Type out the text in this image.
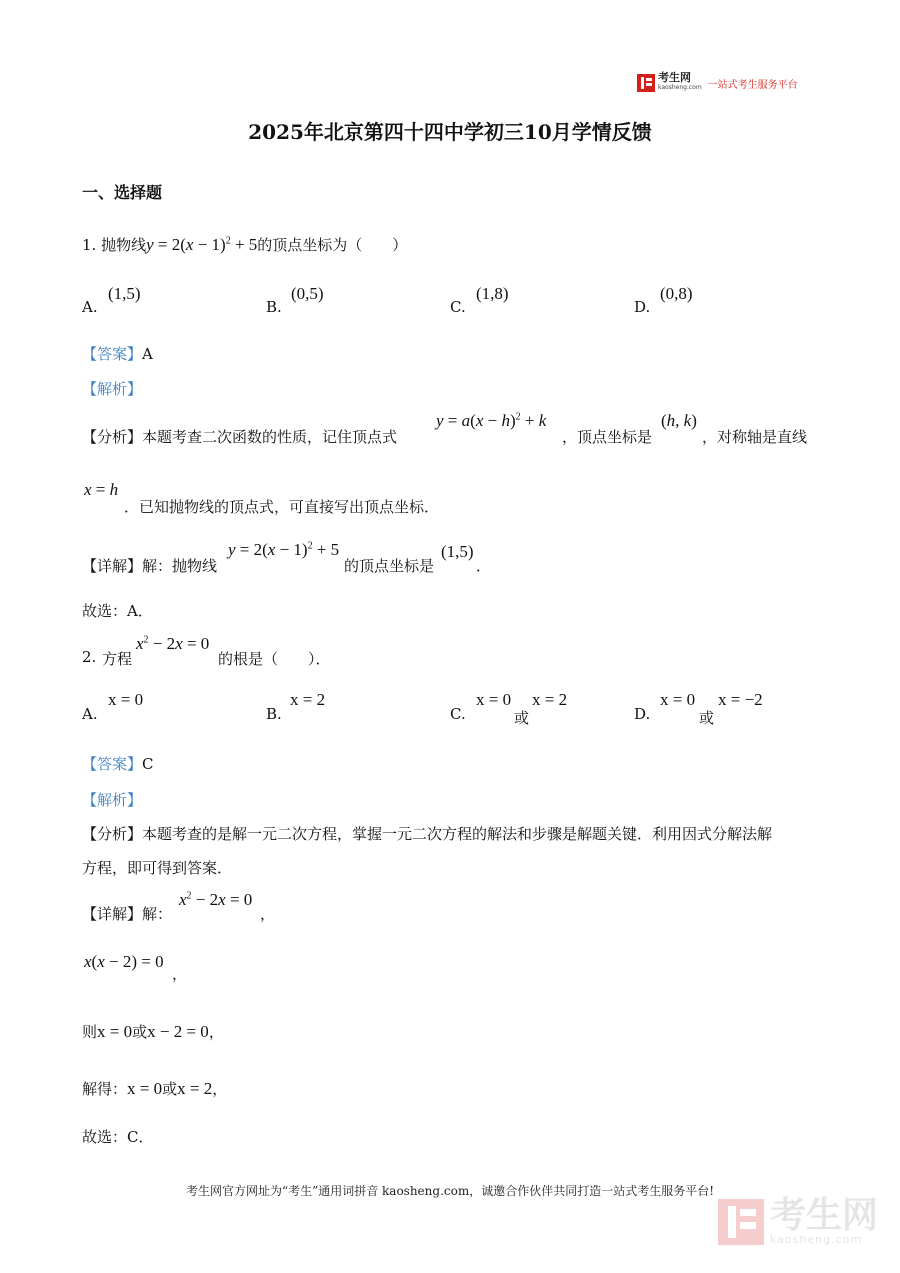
考生网
kaosheng.com 一站式考生服务平台
2025年北京第四十四中学初三10月学情反馈
一、选择题
1. 抛物线$y = 2(x - 1)^2 + 5$的顶点坐标为（　　）
A.
(1,5)
B.
(0,5)
C.
(1,8)
D.
(0,8)
【答案】A
【解析】
【分析】本题考查二次函数的性质，记住顶点式
$y = a(x - h)^2 + k$
，顶点坐标是
(h, k)
，对称轴是直线
x = h
．已知抛物线的顶点式，可直接写出顶点坐标．
【详解】解：抛物线
$y = 2(x - 1)^2 + 5$
的顶点坐标是
(1,5)
．
故选：A．
2. 方程
$x^2 - 2x = 0$
的根是（　　）．
A.
x = 0
B.
x = 2
C.
x = 0
或
x = 2
D.
x = 0
或
x = −2
【答案】C
【解析】
【分析】本题考查的是解一元二次方程，掌握一元二次方程的解法和步骤是解题关键．利用因式分解法解
方程，即可得到答案．
【详解】解：
$x^2 - 2x = 0$
，
x(x − 2) = 0
，
则x = 0或x − 2 = 0，
解得：x = 0或x = 2，
故选：C．
考生网官方网址为“考生”通用词拼音 kaosheng.com，诚邀合作伙伴共同打造一站式考生服务平台!
考生网
kaosheng.com
